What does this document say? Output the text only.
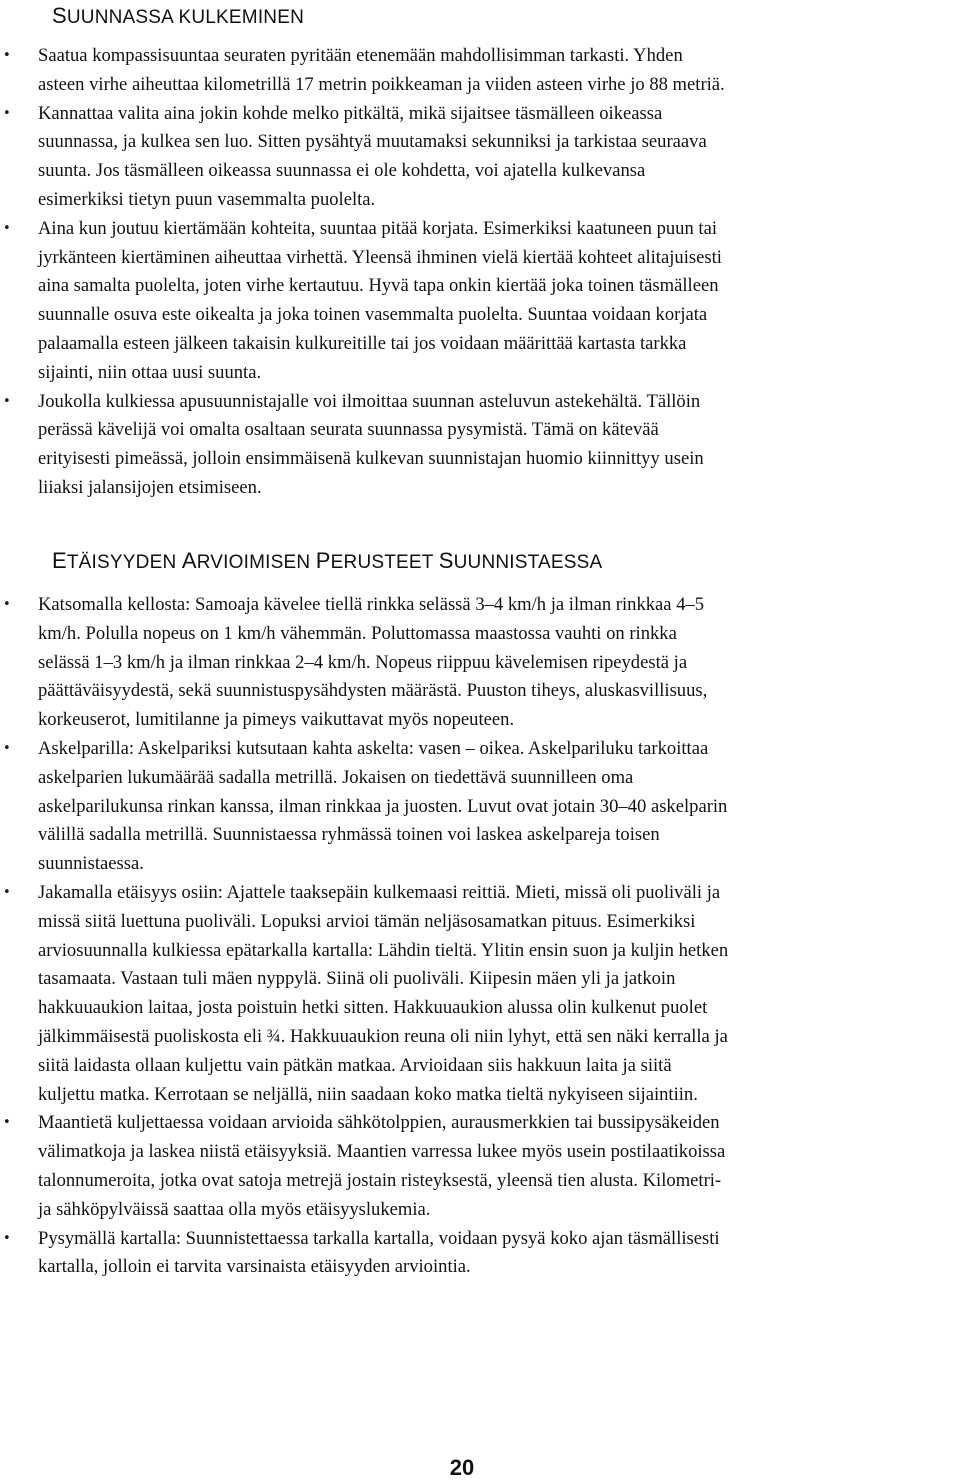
SUUNNASSA KULKEMINEN
• Saatua kompassisuuntaa seuraten pyritään etenemään mahdollisimman tarkasti. Yhden
asteen virhe aiheuttaa kilometrillä 17 metrin poikkeaman ja viiden asteen virhe jo 88 metriä.
• Kannattaa valita aina jokin kohde melko pitkältä, mikä sijaitsee täsmälleen oikeassa
suunnassa, ja kulkea sen luo. Sitten pysähtyä muutamaksi sekunniksi ja tarkistaa seuraava
suunta. Jos täsmälleen oikeassa suunnassa ei ole kohdetta, voi ajatella kulkevansa
esimerkiksi tietyn puun vasemmalta puolelta.
• Aina kun joutuu kiertämään kohteita, suuntaa pitää korjata. Esimerkiksi kaatuneen puun tai
jyrkänteen kiertäminen aiheuttaa virhettä. Yleensä ihminen vielä kiertää kohteet alitajuisesti
aina samalta puolelta, joten virhe kertautuu. Hyvä tapa onkin kiertää joka toinen täsmälleen
suunnalle osuva este oikealta ja joka toinen vasemmalta puolelta. Suuntaa voidaan korjata
palaamalla esteen jälkeen takaisin kulkureitille tai jos voidaan määrittää kartasta tarkka
sijainti, niin ottaa uusi suunta.
• Joukolla kulkiessa apusuunnistajalle voi ilmoittaa suunnan asteluvun astekehältä. Tällöin
perässä kävelijä voi omalta osaltaan seurata suunnassa pysymistä. Tämä on kätevää
erityisesti pimeässä, jolloin ensimmäisenä kulkevan suunnistajan huomio kiinnittyy usein
liiaksi jalansijojen etsimiseen.
ETÄISYYDEN ARVIOIMISEN PERUSTEET SUUNNISTAESSA
• Katsomalla kellosta: Samoaja kävelee tiellä rinkka selässä 3–4 km/h ja ilman rinkkaa 4–5
km/h. Polulla nopeus on 1 km/h vähemmän. Poluttomassa maastossa vauhti on rinkka
selässä 1–3 km/h ja ilman rinkkaa 2–4 km/h. Nopeus riippuu kävelemisen ripeydestä ja
päättäväisyydestä, sekä suunnistuspysähdysten määrästä. Puuston tiheys, aluskasvillisuus,
korkeuserot, lumitilanne ja pimeys vaikuttavat myös nopeuteen.
• Askelparilla: Askelpariksi kutsutaan kahta askelta: vasen – oikea. Askelpariluku tarkoittaa
askelparien lukumäärää sadalla metrillä. Jokaisen on tiedettävä suunnilleen oma
askelparilukunsa rinkan kanssa, ilman rinkkaa ja juosten. Luvut ovat jotain 30–40 askelparin
välillä sadalla metrillä. Suunnistaessa ryhmässä toinen voi laskea askelpareja toisen
suunnistaessa.
• Jakamalla etäisyys osiin: Ajattele taaksepäin kulkemaasi reittiä. Mieti, missä oli puoliväli ja
missä siitä luettuna puoliväli. Lopuksi arvioi tämän neljäsosamatkan pituus. Esimerkiksi
arviosuunnalla kulkiessa epätarkalla kartalla: Lähdin tieltä. Ylitin ensin suon ja kuljin hetken
tasamaata. Vastaan tuli mäen nyppylä. Siinä oli puoliväli. Kiipesin mäen yli ja jatkoin
hakkuuaukion laitaa, josta poistuin hetki sitten. Hakkuuaukion alussa olin kulkenut puolet
jälkimmäisestä puoliskosta eli ¾. Hakkuuaukion reuna oli niin lyhyt, että sen näki kerralla ja
siitä laidasta ollaan kuljettu vain pätkän matkaa. Arvioidaan siis hakkuun laita ja siitä
kuljettu matka. Kerrotaan se neljällä, niin saadaan koko matka tieltä nykyiseen sijaintiin.
• Maantietä kuljettaessa voidaan arvioida sähkötolppien, aurausmerkkien tai bussipysäkeiden
välimatkoja ja laskea niistä etäisyyksiä. Maantien varressa lukee myös usein postilaatikoissa
talonnumeroita, jotka ovat satoja metrejä jostain risteyksestä, yleensä tien alusta. Kilometri-
ja sähköpylväissä saattaa olla myös etäisyyslukemia.
• Pysymällä kartalla: Suunnistettaessa tarkalla kartalla, voidaan pysyä koko ajan täsmällisesti
kartalla, jolloin ei tarvita varsinaista etäisyyden arviointia.
20
